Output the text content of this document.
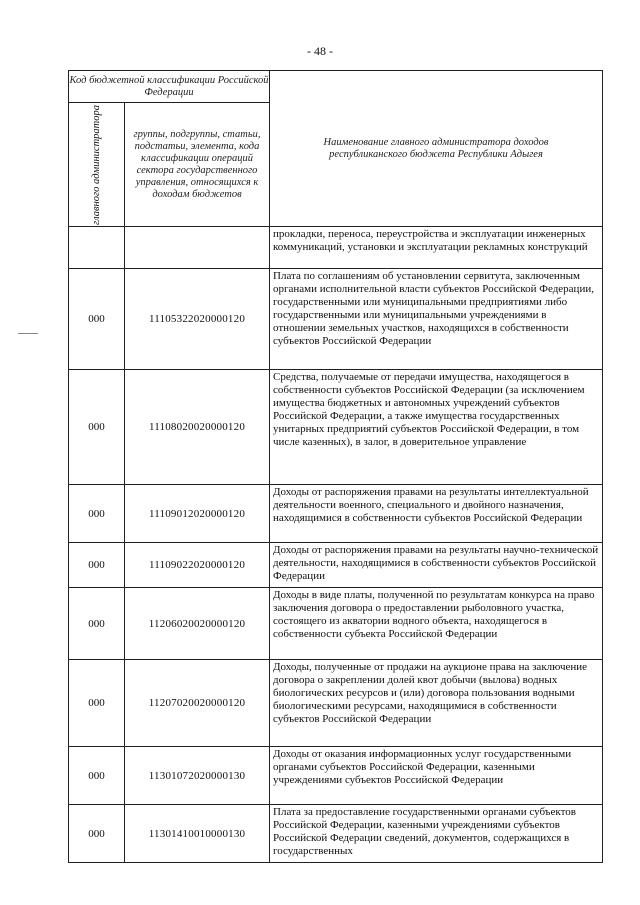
- 48 -
Код бюджетной классификации Российской Федерации		Наименование главного администратора доходов республиканского бюджета Республики Адыгея

главного администратора	группы, подгруппы, статьи, подстатьи, элемента, кода классификации операций сектора государственного управления, относящихся к доходам бюджетов	
		прокладки, переноса, переустройства и эксплуатации инженерных коммуникаций, установки и эксплуатации рекламных конструкций
000	11105322020000120	Плата по соглашениям об установлении сервитута, заключенным органами исполнительной власти субъектов Российской Федерации, государственными или муниципальными предприятиями либо государственными или муниципальными учреждениями в отношении земельных участков, находящихся в собственности субъектов Российской Федерации
000	11108020020000120	Средства, получаемые от передачи имущества, находящегося в собственности субъектов Российской Федерации (за исключением имущества бюджетных и автономных учреждений субъектов Российской Федерации, а также имущества государственных унитарных предприятий субъектов Российской Федерации, в том числе казенных), в залог, в доверительное управление
000	11109012020000120	Доходы от распоряжения правами на результаты интеллектуальной деятельности военного, специального и двойного назначения, находящимися в собственности субъектов Российской Федерации
000	11109022020000120	Доходы от распоряжения правами на результаты научно-технической деятельности, находящимися в собственности субъектов Российской Федерации
000	11206020020000120	Доходы в виде платы, полученной по результатам конкурса на право заключения договора о предоставлении рыболовного участка, состоящего из акватории водного объекта, находящегося в собственности субъекта Российской Федерации
000	11207020020000120	Доходы, полученные от продажи на аукционе права на заключение договора о закреплении долей квот добычи (вылова) водных биологических ресурсов и (или) договора пользования водными биологическими ресурсами, находящимися в собственности субъектов Российской Федерации
000	11301072020000130	Доходы от оказания информационных услуг государственными органами субъектов Российской Федерации, казенными учреждениями субъектов Российской Федерации
000	11301410010000130	Плата за предоставление государственными органами субъектов Российской Федерации, казенными учреждениями субъектов Российской Федерации сведений, документов, содержащихся в государственных
